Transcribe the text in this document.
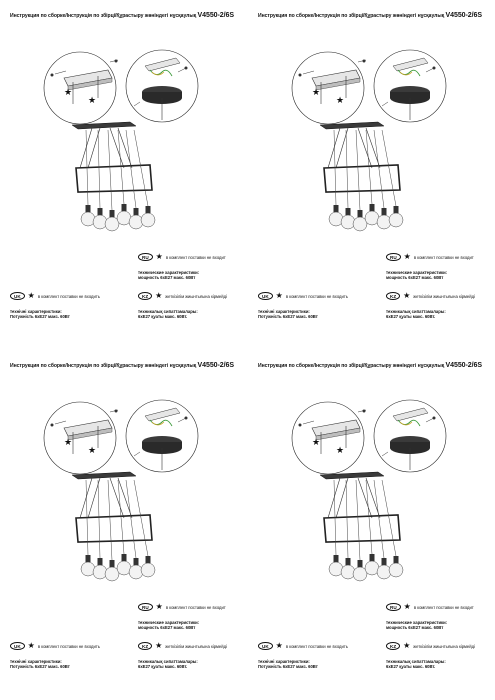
Инструкция по сборке/Інструкція по збірці/Құрастыру жөніндегі нұсқаулық V4550-2/6S
★
★
RU ★ в комплект поставки не входит
технические характеристики:
мощность 6хE27 макс. 60Вт
UK ★ в комплект поставки не входить
технічні характеристики:
Потужність 6хE27 макс. 60Вт
KZ ★ жеткізілім жиынтығына кірмейді
техникалық сипаттамалары:
6хE27 қуаты макс. 60Вт.
Инструкция по сборке/Інструкція по збірці/Құрастыру жөніндегі нұсқаулық V4550-2/6S
★
★
RU ★ в комплект поставки не входит
технические характеристики:
мощность 6хE27 макс. 60Вт
UK ★ в комплект поставки не входить
технічні характеристики:
Потужність 6хE27 макс. 60Вт
KZ ★ жеткізілім жиынтығына кірмейді
техникалық сипаттамалары:
6хE27 қуаты макс. 60Вт.
Инструкция по сборке/Інструкція по збірці/Құрастыру жөніндегі нұсқаулық V4550-2/6S
★
★
RU ★ в комплект поставки не входит
технические характеристики:
мощность 6хE27 макс. 60Вт
UK ★ в комплект поставки не входить
технічні характеристики:
Потужність 6хE27 макс. 60Вт
KZ ★ жеткізілім жиынтығына кірмейді
техникалық сипаттамалары:
6хE27 қуаты макс. 60Вт.
Инструкция по сборке/Інструкція по збірці/Құрастыру жөніндегі нұсқаулық V4550-2/6S
★
★
RU ★ в комплект поставки не входит
технические характеристики:
мощность 6хE27 макс. 60Вт
UK ★ в комплект поставки не входить
технічні характеристики:
Потужність 6хE27 макс. 60Вт
KZ ★ жеткізілім жиынтығына кірмейді
техникалық сипаттамалары:
6хE27 қуаты макс. 60Вт.
